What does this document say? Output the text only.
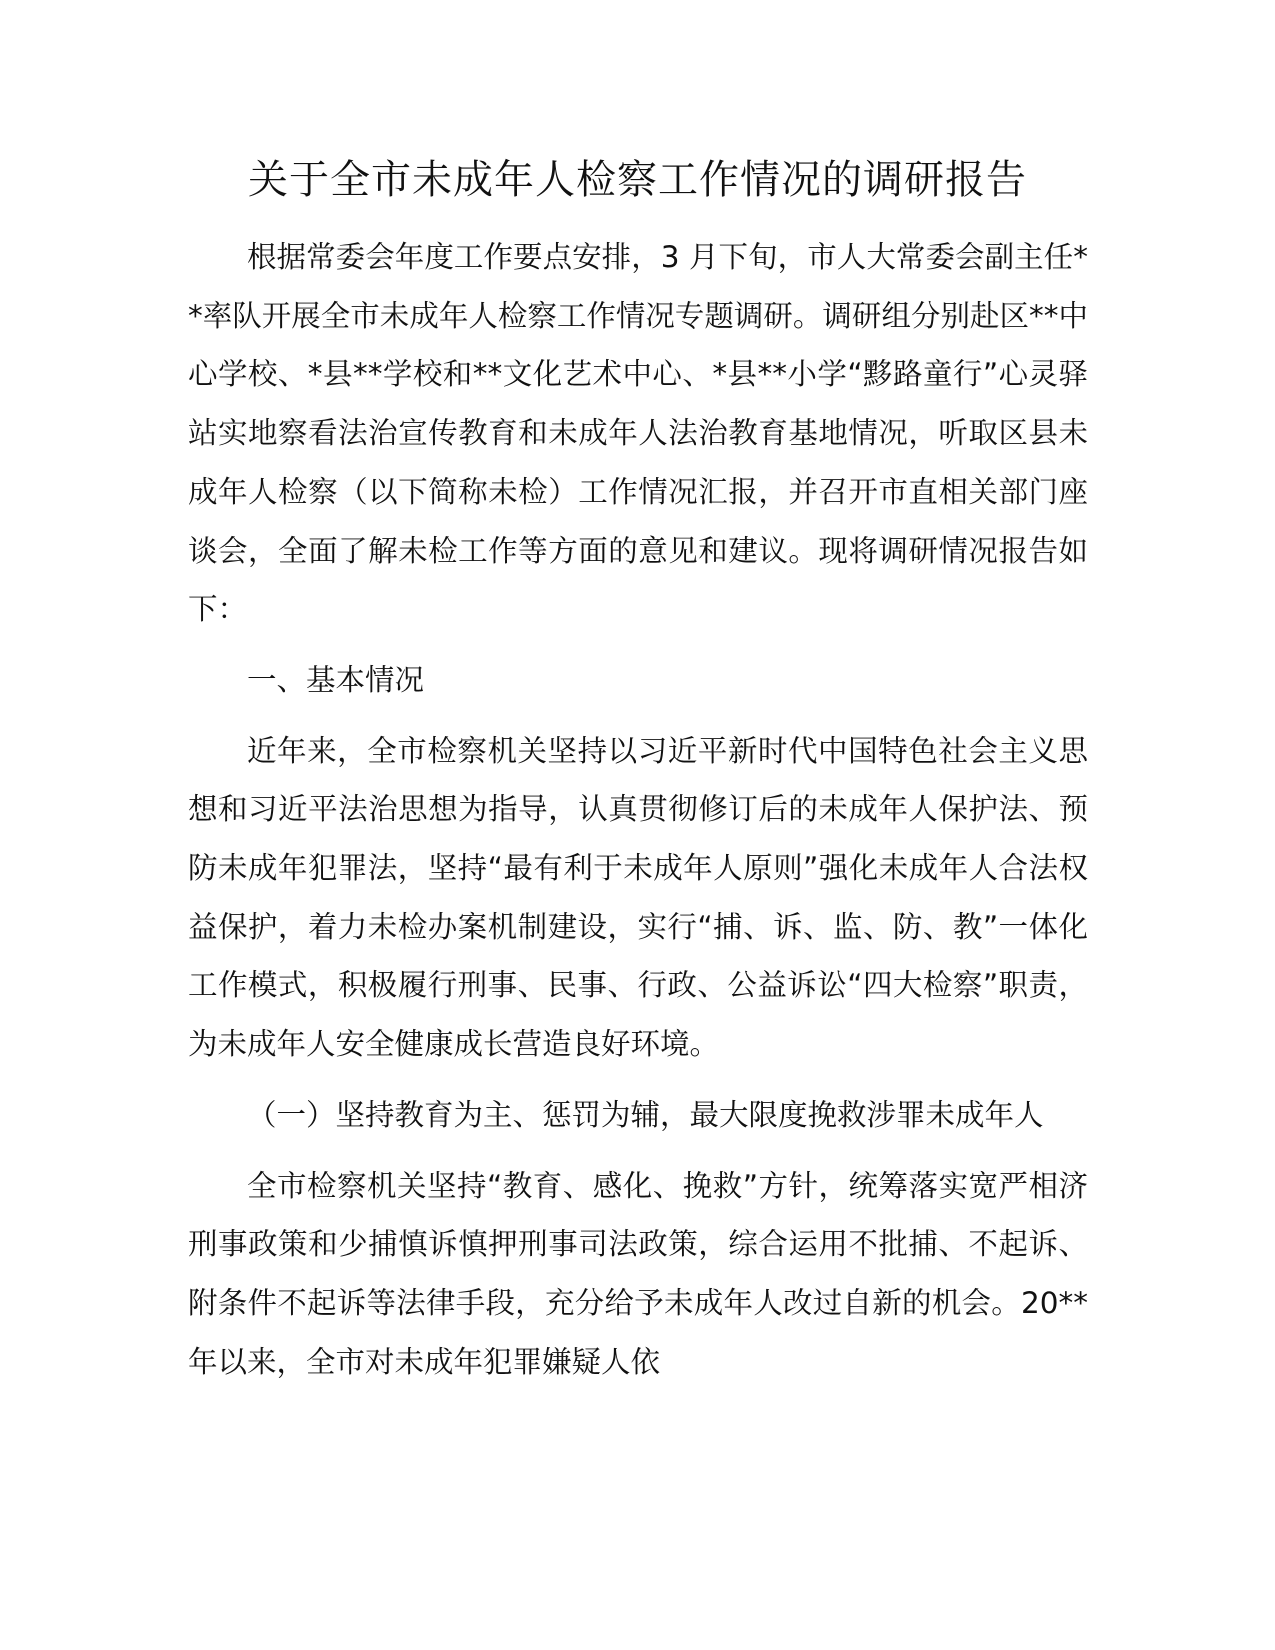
关于全市未成年人检察工作情况的调研报告

根据常委会年度工作要点安排，3 月下旬，市人大常委会副主任**率队开展全市未成年人检察工作情况专题调研。调研组分别赴区**中心学校、*县**学校和**文化艺术中心、*县**小学“黟路童行”心灵驿站实地察看法治宣传教育和未成年人法治教育基地情况，听取区县未成年人检察（以下简称未检）工作情况汇报，并召开市直相关部门座谈会，全面了解未检工作等方面的意见和建议。现将调研情况报告如下：

一、基本情况

近年来，全市检察机关坚持以习近平新时代中国特色社会主义思想和习近平法治思想为指导，认真贯彻修订后的未成年人保护法、预防未成年犯罪法，坚持“最有利于未成年人原则”强化未成年人合法权益保护，着力未检办案机制建设，实行“捕、诉、监、防、教”一体化工作模式，积极履行刑事、民事、行政、公益诉讼“四大检察”职责，为未成年人安全健康成长营造良好环境。

（一）坚持教育为主、惩罚为辅，最大限度挽救涉罪未成年人

全市检察机关坚持“教育、感化、挽救”方针，统筹落实宽严相济刑事政策和少捕慎诉慎押刑事司法政策，综合运用不批捕、不起诉、附条件不起诉等法律手段，充分给予未成年人改过自新的机会。20**年以来，全市对未成年犯罪嫌疑人依
